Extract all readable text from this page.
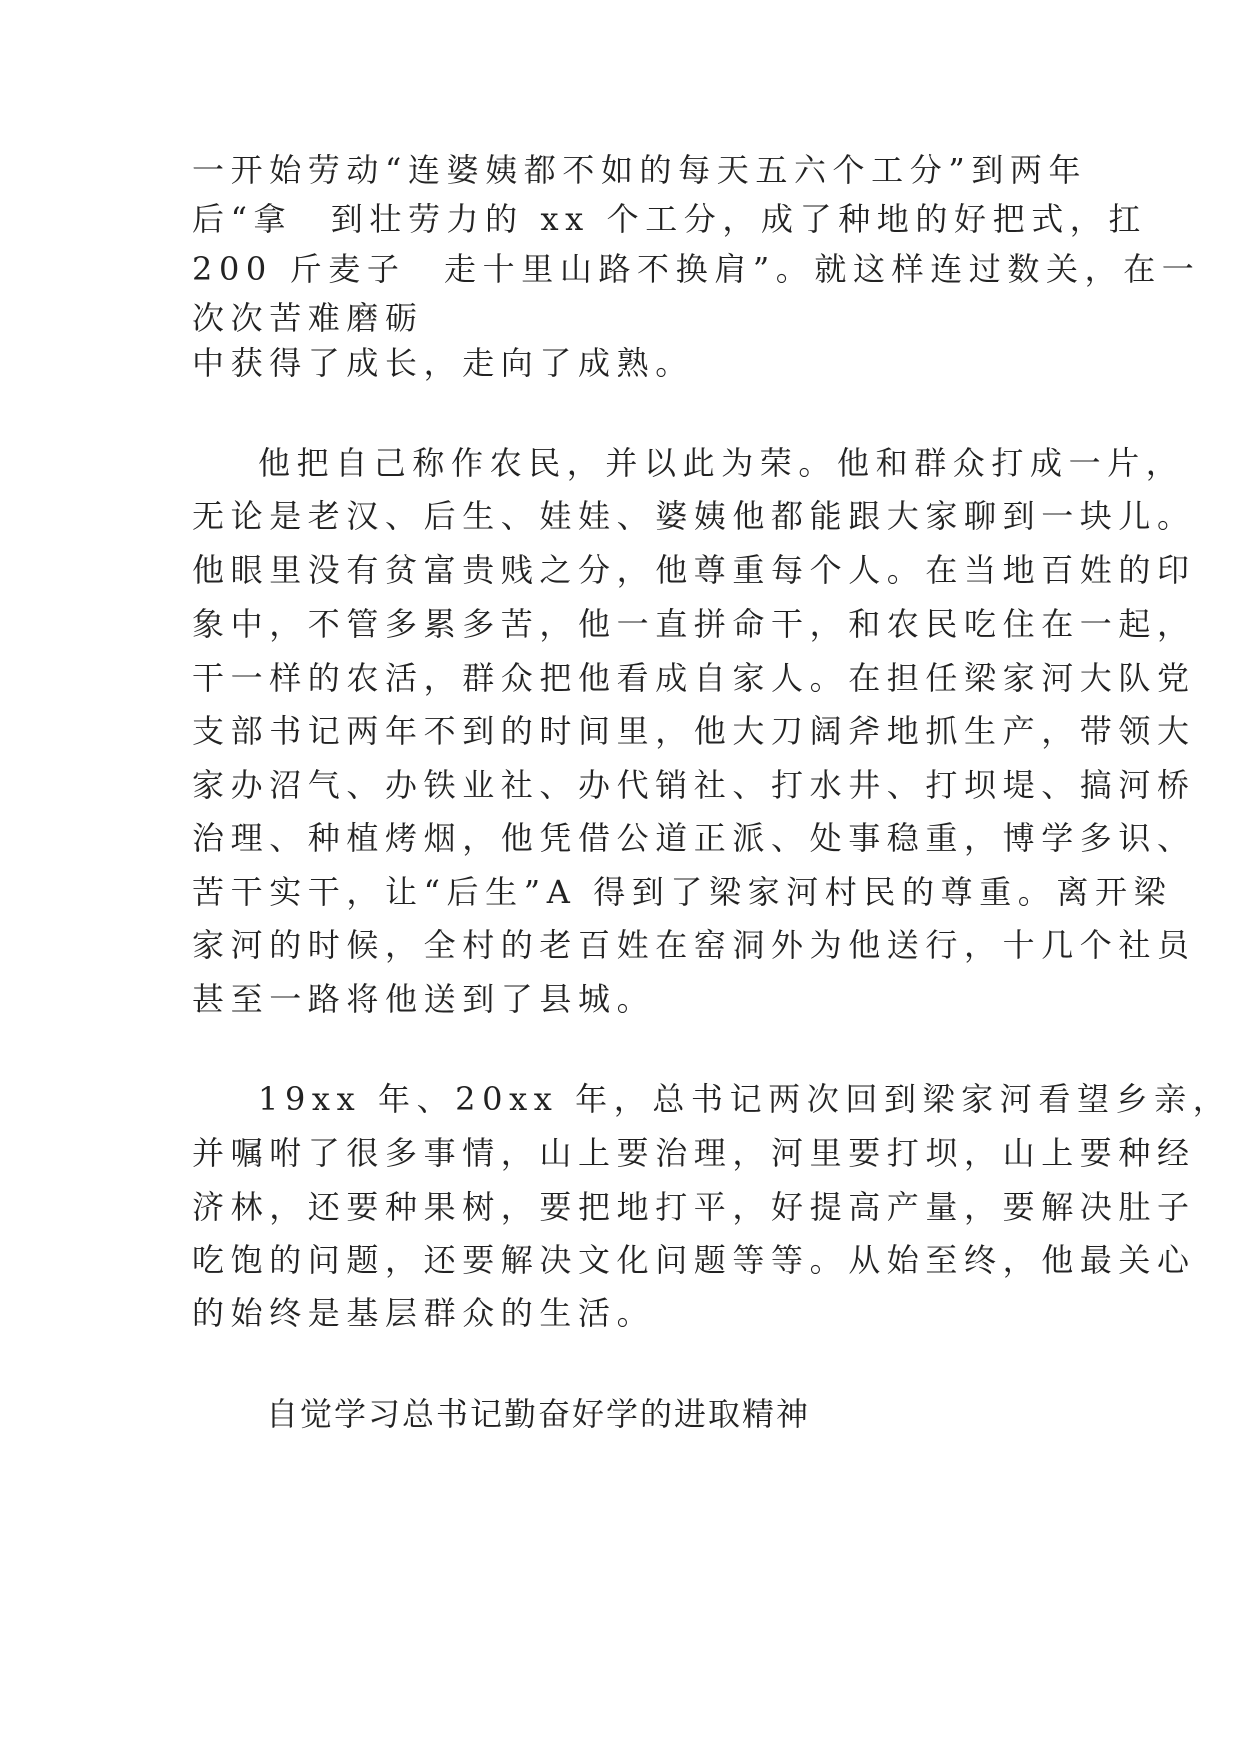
一开始劳动“连婆姨都不如的每天五六个工分”到两年
后“拿　到壮劳力的 xx 个工分，成了种地的好把式，扛
200 斤麦子　走十里山路不换肩”。就这样连过数关，在一
次次苦难磨砺
中获得了成长，走向了成熟。
他把自己称作农民，并以此为荣。他和群众打成一片，
无论是老汉、后生、娃娃、婆姨他都能跟大家聊到一块儿。
他眼里没有贫富贵贱之分，他尊重每个人。在当地百姓的印
象中，不管多累多苦，他一直拼命干，和农民吃住在一起，
干一样的农活，群众把他看成自家人。在担任梁家河大队党
支部书记两年不到的时间里，他大刀阔斧地抓生产，带领大
家办沼气、办铁业社、办代销社、打水井、打坝堤、搞河桥
治理、种植烤烟，他凭借公道正派、处事稳重，博学多识、
苦干实干，让“后生”A 得到了梁家河村民的尊重。离开梁
家河的时候，全村的老百姓在窑洞外为他送行，十几个社员
甚至一路将他送到了县城。
19xx 年、20xx 年，总书记两次回到梁家河看望乡亲，
并嘱咐了很多事情，山上要治理，河里要打坝，山上要种经
济林，还要种果树，要把地打平，好提高产量，要解决肚子
吃饱的问题，还要解决文化问题等等。从始至终，他最关心
的始终是基层群众的生活。
自觉学习总书记勤奋好学的进取精神
